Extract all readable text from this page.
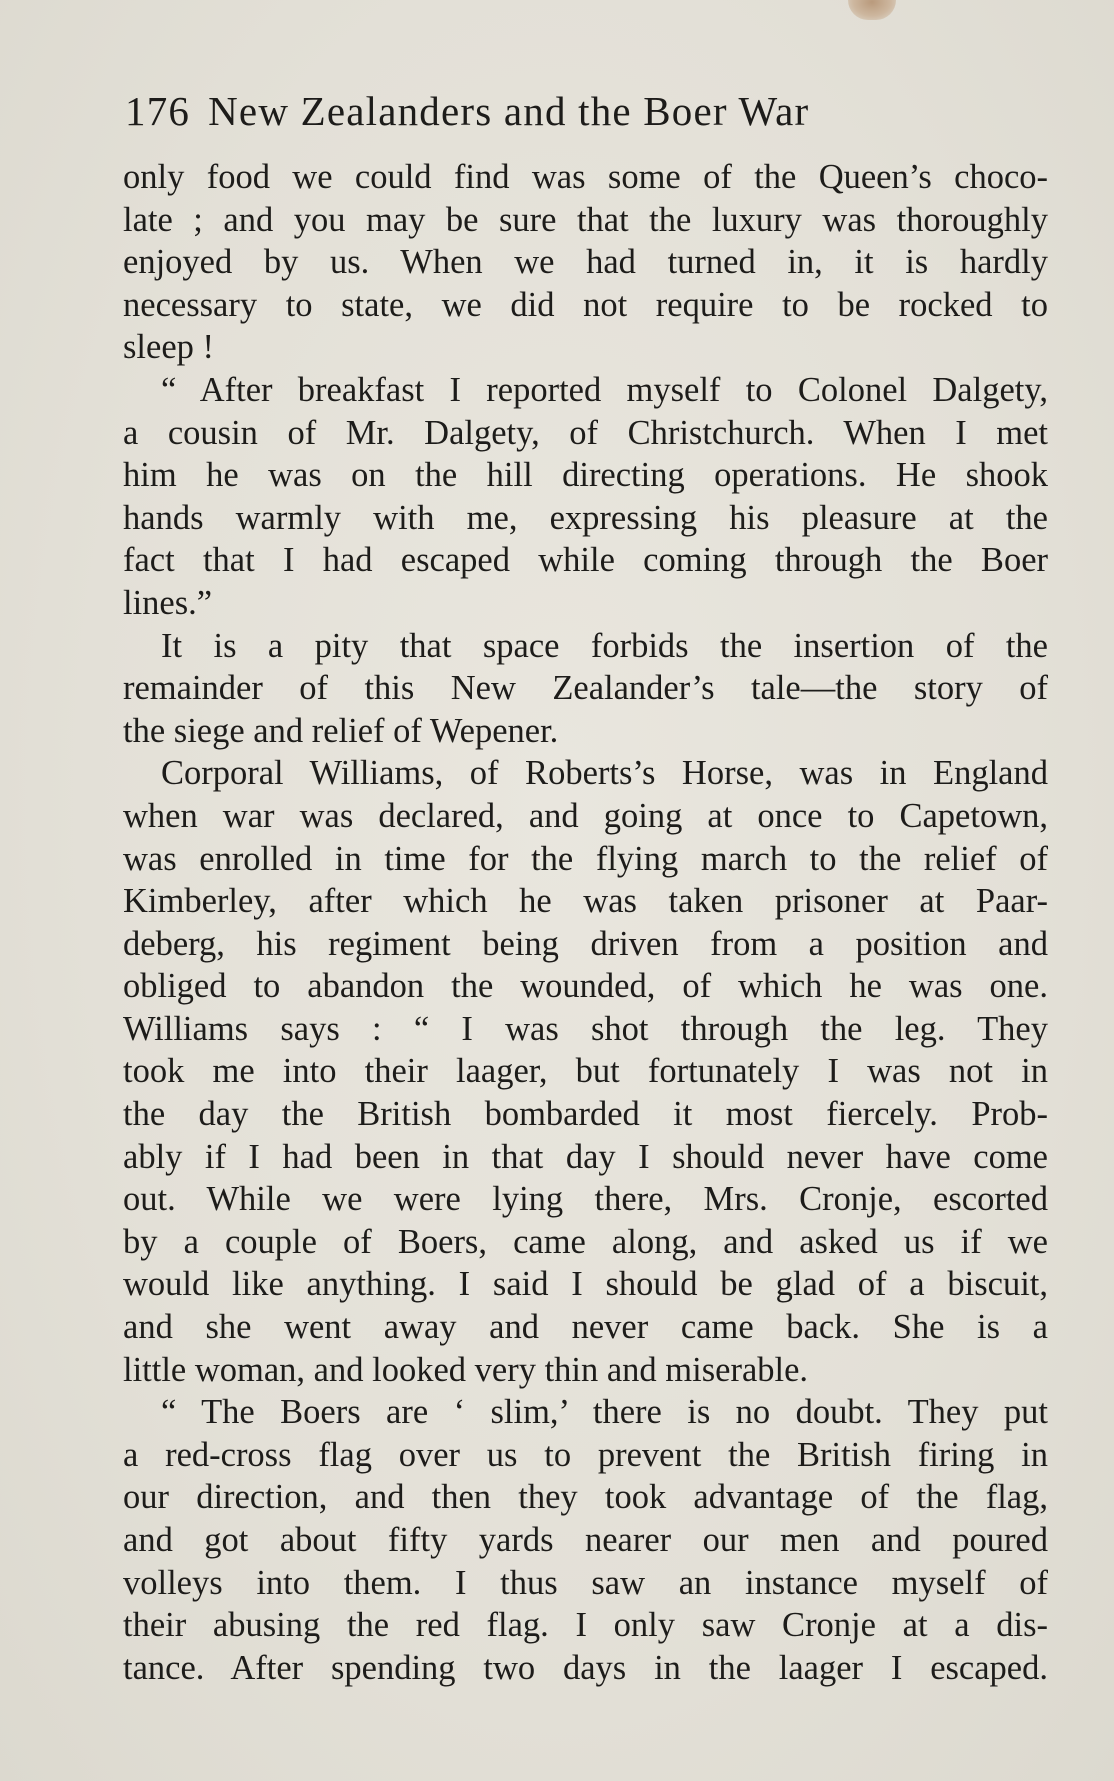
176 New Zealanders and the Boer War
only food we could find was some of the Queen’s choco-
late ; and you may be sure that the luxury was thoroughly
enjoyed by us. When we had turned in, it is hardly
necessary to state, we did not require to be rocked to
sleep !
“ After breakfast I reported myself to Colonel Dalgety,
a cousin of Mr. Dalgety, of Christchurch. When I met
him he was on the hill directing operations. He shook
hands warmly with me, expressing his pleasure at the
fact that I had escaped while coming through the Boer
lines.”
It is a pity that space forbids the insertion of the
remainder of this New Zealander’s tale—the story of
the siege and relief of Wepener.
Corporal Williams, of Roberts’s Horse, was in England
when war was declared, and going at once to Capetown,
was enrolled in time for the flying march to the relief of
Kimberley, after which he was taken prisoner at Paar-
deberg, his regiment being driven from a position and
obliged to abandon the wounded, of which he was one.
Williams says : “ I was shot through the leg. They
took me into their laager, but fortunately I was not in
the day the British bombarded it most fiercely. Prob-
ably if I had been in that day I should never have come
out. While we were lying there, Mrs. Cronje, escorted
by a couple of Boers, came along, and asked us if we
would like anything. I said I should be glad of a biscuit,
and she went away and never came back. She is a
little woman, and looked very thin and miserable.
“ The Boers are ‘ slim,’ there is no doubt. They put
a red-cross flag over us to prevent the British firing in
our direction, and then they took advantage of the flag,
and got about fifty yards nearer our men and poured
volleys into them. I thus saw an instance myself of
their abusing the red flag. I only saw Cronje at a dis-
tance. After spending two days in the laager I escaped.
